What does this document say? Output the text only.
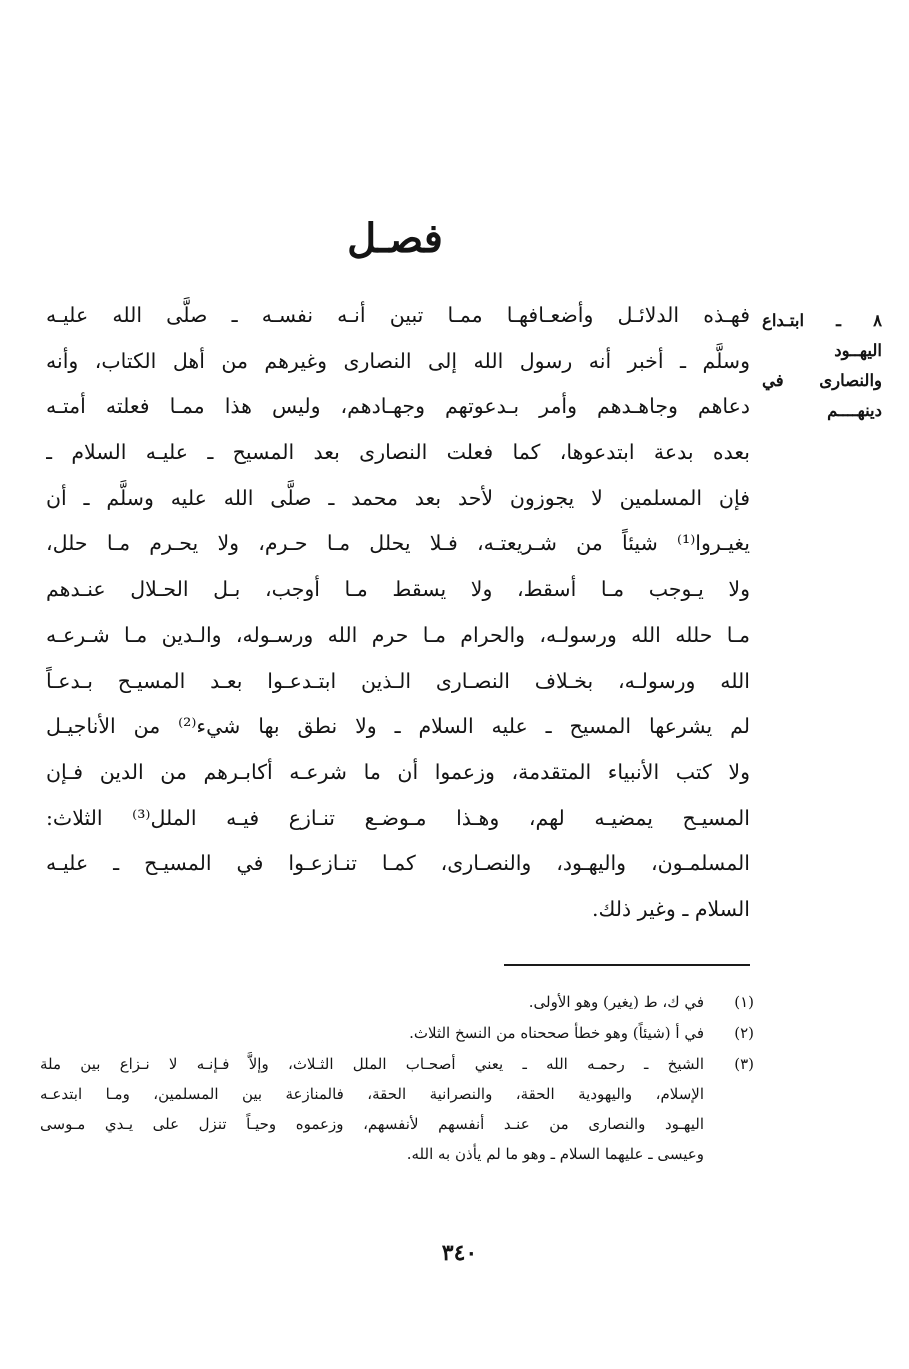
فصـل
٨ ـ ابتـداع
اليهــود
والنصارى في
دينهــــم
فهـذه الدلائـل وأضعـافهـا ممـا تبين أنـه نفسـه ـ صلَّى الله عليـه
وسلَّم ـ أخبر أنه رسول الله إلى النصارى وغيرهم من أهل الكتاب، وأنه
دعاهم وجاهـدهم وأمر بـدعوتهم وجهـادهم، وليس هذا ممـا فعلته أمتـه
بعده بدعة ابتدعوها، كما فعلت النصارى بعد المسيح ـ عليـه السلام ـ
فإن المسلمين لا يجوزون لأحد بعد محمد ـ صلَّى الله عليه وسلَّم ـ أن
يغيـروا⁽¹⁾ شيئاً من شـريعتـه، فـلا يحلل مـا حـرم، ولا يحـرم مـا حلل،
ولا يـوجب مـا أسقط، ولا يسقط مـا أوجب، بـل الحـلال عنـدهم
مـا حلله الله ورسولـه، والحرام مـا حرم الله ورسـوله، والـدين مـا شـرعـه
الله ورسولـه، بخـلاف النصـارى الـذين ابتـدعـوا بعـد المسيـح بـدعـاً
لم يشرعها المسيح ـ عليه السلام ـ ولا نطق بها شيء⁽²⁾ من الأناجيـل
ولا كتب الأنبياء المتقدمة، وزعموا أن ما شرعـه أكابـرهم من الدين فـإن
المسيـح يمضيـه لهم، وهـذا مـوضـع تنـازع فيـه الملل⁽³⁾ الثلاث:
المسلمـون، واليهـود، والنصـارى، كمـا تنـازعـوا في المسيـح ـ عليـه
السلام ـ وغير ذلك.
(١)
في ك، ط (يغير) وهو الأولى.
(٢)
في أ (شيئاً) وهو خطأ صححناه من النسخ الثلاث.
(٣)
الشيخ ـ رحمـه الله ـ يعني أصحـاب الملل الثـلاث، وإلاَّ فـإنـه لا نـزاع بين ملة
الإسلام، واليهودية الحقة، والنصرانية الحقة، فالمنازعة بين المسلمين، ومـا ابتدعـه
اليهـود والنصارى من عنـد أنفسهم لأنفسهم، وزعموه وحيـاً تنزل على يـدي مـوسى
وعيسى ـ عليهما السلام ـ وهو ما لم يأذن به الله.
٣٤٠
